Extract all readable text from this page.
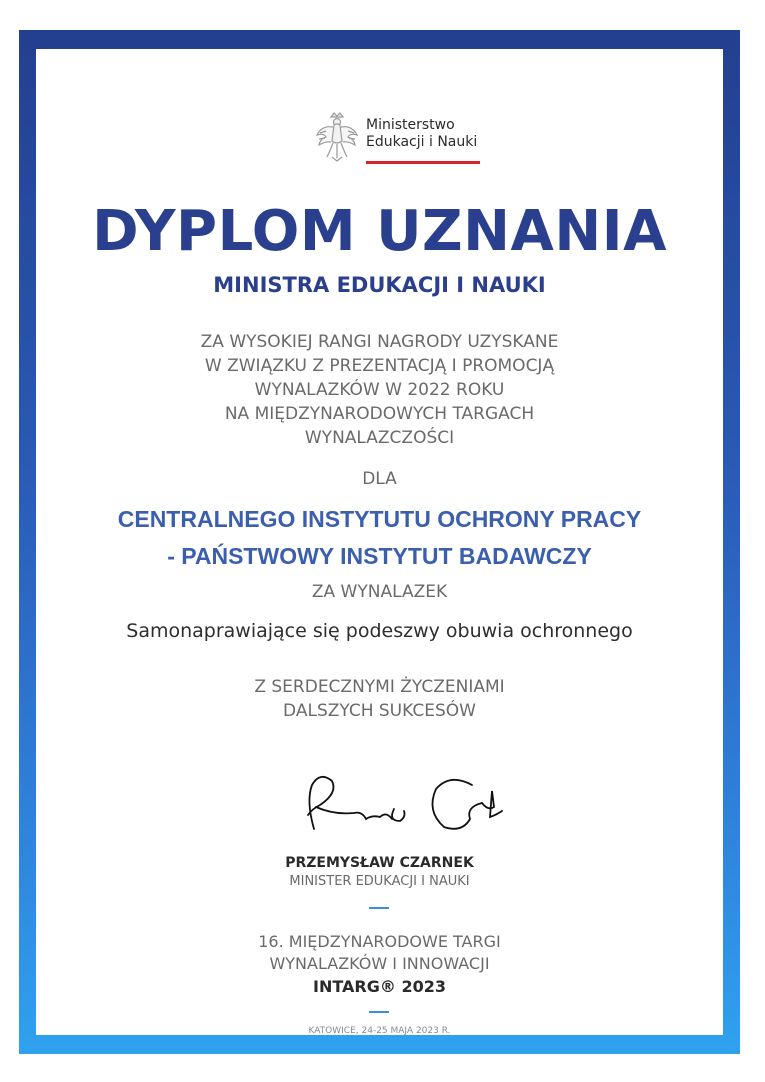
Ministerstwo
Edukacji i Nauki
DYPLOM UZNANIA
MINISTRA EDUKACJI I NAUKI
ZA WYSOKIEJ RANGI NAGRODY UZYSKANE
W ZWIĄZKU Z PREZENTACJĄ I PROMOCJĄ
WYNALAZKÓW W 2022 ROKU
NA MIĘDZYNARODOWYCH TARGACH
WYNALAZCZOŚCI
DLA
CENTRALNEGO INSTYTUTU OCHRONY PRACY
- PAŃSTWOWY INSTYTUT BADAWCZY
ZA WYNALAZEK
Samonaprawiające się podeszwy obuwia ochronnego
Z SERDECZNYMI ŻYCZENIAMI
DALSZYCH SUKCESÓW
PRZEMYSŁAW CZARNEK
MINISTER EDUKACJI I NAUKI
16. MIĘDZYNARODOWE TARGI
WYNALAZKÓW I INNOWACJI
INTARG® 2023
KATOWICE, 24-25 MAJA 2023 R.
